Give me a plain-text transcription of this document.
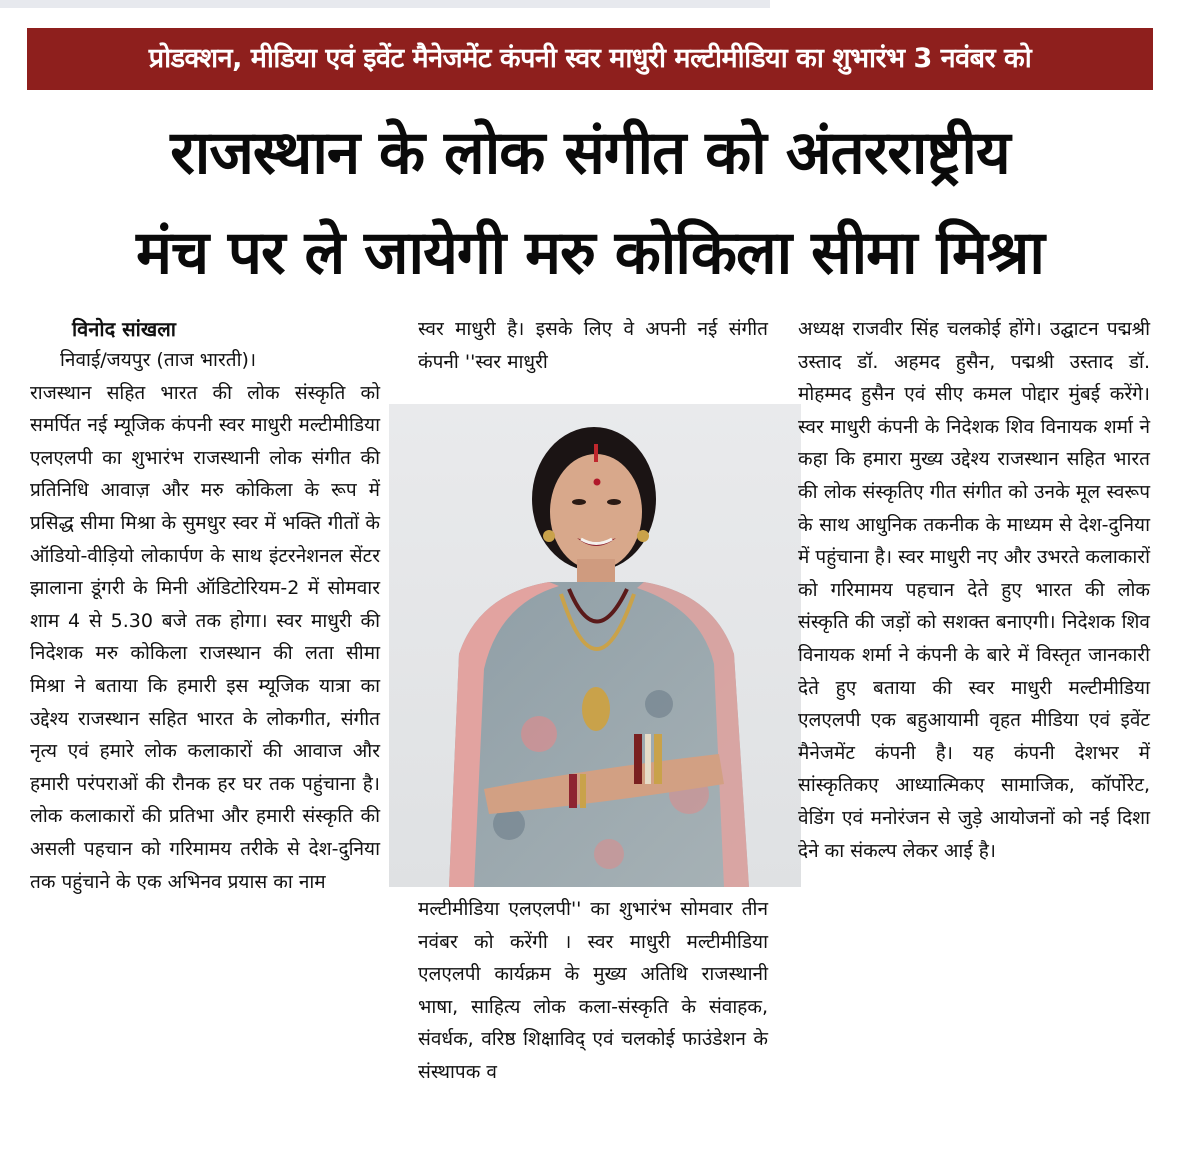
प्रोडक्शन, मीडिया एवं इवेंट मैनेजमेंट कंपनी स्वर माधुरी मल्टीमीडिया का शुभारंभ 3 नवंबर को
राजस्थान के लोक संगीत को अंतरराष्ट्रीय
मंच पर ले जायेगी मरु कोकिला सीमा मिश्रा
विनोद सांखला
निवाई/जयपुर (ताज भारती)।
राजस्थान सहित भारत की लोक संस्कृति को समर्पित नई म्यूजिक कंपनी स्वर माधुरी मल्टीमीडिया एलएलपी का शुभारंभ राजस्थानी लोक संगीत की प्रतिनिधि आवाज़ और मरु कोकिला के रूप में प्रसिद्ध सीमा मिश्रा के सुमधुर स्वर में भक्ति गीतों के ऑडियो-वीड़ियो लोकार्पण के साथ इंटरनेशनल सेंटर झालाना डूंगरी के मिनी ऑडिटोरियम-2 में सोमवार शाम 4 से 5.30 बजे तक होगा। स्वर माधुरी की निदेशक मरु कोकिला राजस्थान की लता सीमा मिश्रा ने बताया कि हमारी इस म्यूजिक यात्रा का उद्देश्य राजस्थान सहित भारत के लोकगीत, संगीत नृत्य एवं हमारे लोक कलाकारों की आवाज और हमारी परंपराओं की रौनक हर घर तक पहुंचाना है। लोक कलाकारों की प्रतिभा और हमारी संस्कृति की असली पहचान को गरिमामय तरीके से देश-दुनिया तक पहुंचाने के एक अभिनव प्रयास का नाम
स्वर माधुरी है। इसके लिए वे अपनी नई संगीत कंपनी ''स्वर माधुरी
मल्टीमीडिया एलएलपी'' का शुभारंभ सोमवार तीन नवंबर को करेंगी । स्वर माधुरी मल्टीमीडिया एलएलपी कार्यक्रम के मुख्य अतिथि राजस्थानी भाषा, साहित्य लोक कला-संस्कृति के संवाहक, संवर्धक, वरिष्ठ शिक्षाविद् एवं चलकोई फाउंडेशन के संस्थापक व
अध्यक्ष राजवीर सिंह चलकोई होंगे। उद्घाटन पद्मश्री उस्ताद डॉ. अहमद हुसैन, पद्मश्री उस्ताद डॉ. मोहम्मद हुसैन एवं सीए कमल पोद्दार मुंबई करेंगे। स्वर माधुरी कंपनी के निदेशक शिव विनायक शर्मा ने कहा कि हमारा मुख्य उद्देश्य राजस्थान सहित भारत की लोक संस्कृतिए गीत संगीत को उनके मूल स्वरूप के साथ आधुनिक तकनीक के माध्यम से देश-दुनिया में पहुंचाना है। स्वर माधुरी नए और उभरते कलाकारों को गरिमामय पहचान देते हुए भारत की लोक संस्कृति की जड़ों को सशक्त बनाएगी। निदेशक शिव विनायक शर्मा ने कंपनी के बारे में विस्तृत जानकारी देते हुए बताया की स्वर माधुरी मल्टीमीडिया एलएलपी एक बहुआयामी वृहत मीडिया एवं इवेंट मैनेजमेंट कंपनी है। यह कंपनी देशभर में सांस्कृतिकए आध्यात्मिकए सामाजिक, कॉर्पोरेट, वेडिंग एवं मनोरंजन से जुड़े आयोजनों को नई दिशा देने का संकल्प लेकर आई है।
